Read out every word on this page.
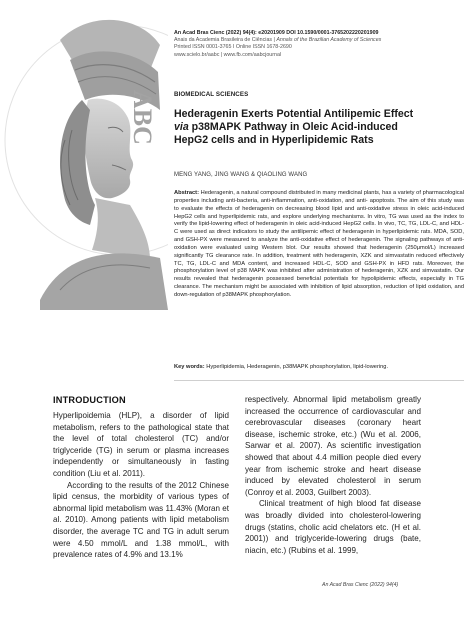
ABC
An Acad Bras Cienc (2022) 94(4): e20201909 DOI 10.1590/0001-3765202220201909
Anais da Academia Brasileira de Ciências | Annals of the Brazilian Academy of Sciences
Printed ISSN 0001-3765 I Online ISSN 1678-2690
www.scielo.br/aabc | www.fb.com/aabcjournal
BIOMEDICAL SCIENCES
Hederagenin Exerts Potential Antilipemic Effect
via p38MAPK Pathway in Oleic Acid-induced
HepG2 cells and in Hyperlipidemic Rats
MENG YANG, JING WANG & QIAOLING WANG
Abstract: Hederagenin, a natural compound distributed in many medicinal plants, has a variety of pharmacological properties including anti-bacteria, anti-inflammation, anti-oxidation, and anti- apoptosis. The aim of this study was to evaluate the effects of hederagenin on decreasing blood lipid and anti-oxidative stress in oleic acid-induced HepG2 cells and hyperlipidemic rats, and explore underlying mechanisms. In vitro, TG was used as the index to verify the lipid-lowering effect of hederagenin in oleic acid-induced HepG2 cells. In vivo, TC, TG, LDL-C, and HDL-C were used as direct indicators to study the antilipemic effect of hederagenin in hyperlipidemic rats. MDA, SOD, and GSH-PX were measured to analyze the anti-oxidative effect of hederagenin. The signaling pathways of anti-oxidation were evaluated using Western blot. Our results showed that hederagenin (250μmol/L) increased significantly TG clearance rate. In addition, treatment with hederagenin, XZK and simvastatin reduced effectively TC, TG, LDL-C and MDA content, and increased HDL-C, SOD and GSH-PX in HFD rats. Moreover, the phosphorylation level of p38 MAPK was inhibited after administration of hederagenin, XZK and simvastatin. Our results revealed that hederagenin possessed beneficial potentials for hypolipidemic effects, especially in TG clearance. The mechanism might be associated with inhibition of lipid absorption, reduction of lipid oxidation, and down-regulation of p38MAPK phosphorylation.
Key words: Hyperlipidemia, Hederagenin, p38MAPK phosphorylation, lipid-lowering.
INTRODUCTION

Hyperlipoidemia (HLP), a disorder of lipid metabolism, refers to the pathological state that the level of total cholesterol (TC) and/or triglyceride (TG) in serum or plasma increases independently or simultaneously in fasting condition (Liu et al. 2011).

According to the results of the 2012 Chinese lipid census, the morbidity of various types of abnormal lipid metabolism was 11.43% (Moran et al. 2010). Among patients with lipid metabolism disorder, the average TC and TG in adult serum were 4.50 mmol/L and 1.38 mmol/L, with prevalence rates of 4.9% and 13.1%

respectively. Abnormal lipid metabolism greatly increased the occurrence of cardiovascular and cerebrovascular diseases (coronary heart disease, ischemic stroke, etc.) (Wu et al. 2006, Sarwar et al. 2007). As scientific investigation showed that about 4.4 million people died every year from ischemic stroke and heart disease induced by elevated cholesterol in serum (Conroy et al. 2003, Guilbert 2003).

Clinical treatment of high blood fat disease was broadly divided into cholesterol-lowering drugs (statins, cholic acid chelators etc. (H et al. 2001)) and triglyceride-lowering drugs (bate, niacin, etc.) (Rubins et al. 1999,

An Acad Bras Cienc (2022) 94(4)
